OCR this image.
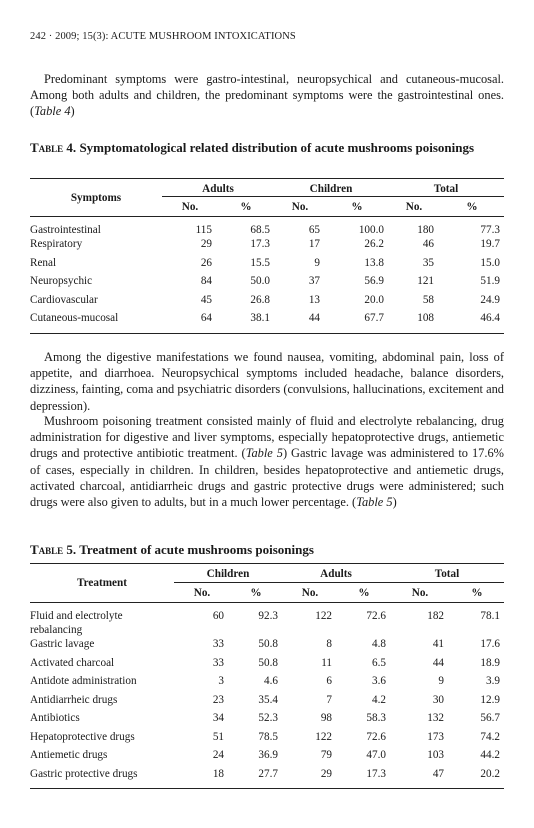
242 · 2009; 15(3): ACUTE MUSHROOM INTOXICATIONS

Predominant symptoms were gastro-intestinal, neuropsychical and cutaneous-mucosal. Among both adults and children, the predominant symptoms were the gastrointestinal ones. (Table 4)

Table 4. Symptomatological related distribution of acute mushrooms poisonings

Symptoms	Adults		Children		Total	
	No.	%	No.	%	No.	%
Gastrointestinal	115	68.5	65	100.0	180	77.3
Respiratory	29	17.3	17	26.2	46	19.7
Renal	26	15.5	9	13.8	35	15.0
Neuropsychic	84	50.0	37	56.9	121	51.9
Cardiovascular	45	26.8	13	20.0	58	24.9
Cutaneous-mucosal	64	38.1	44	67.7	108	46.4

Among the digestive manifestations we found nausea, vomiting, abdominal pain, loss of appetite, and diarrhoea. Neuropsychical symptoms included headache, balance disorders, dizziness, fainting, coma and psychiatric disorders (convulsions, hallucinations, excitement and depression).

Mushroom poisoning treatment consisted mainly of fluid and electrolyte rebalancing, drug administration for digestive and liver symptoms, especially hepatoprotective drugs, antiemetic drugs and protective antibiotic treatment. (Table 5) Gastric lavage was administered to 17.6% of cases, especially in children. In children, besides hepatoprotective and antiemetic drugs, activated charcoal, antidiarrheic drugs and gastric protective drugs were administered; such drugs were also given to adults, but in a much lower percentage. (Table 5)

Table 5. Treatment of acute mushrooms poisonings

Treatment	Children		Adults		Total	
	No.	%	No.	%	No.	%
Fluid and electrolyte rebalancing	60	92.3	122	72.6	182	78.1
Gastric lavage	33	50.8	8	4.8	41	17.6
Activated charcoal	33	50.8	11	6.5	44	18.9
Antidote administration	3	4.6	6	3.6	9	3.9
Antidiarrheic drugs	23	35.4	7	4.2	30	12.9
Antibiotics	34	52.3	98	58.3	132	56.7
Hepatoprotective drugs	51	78.5	122	72.6	173	74.2
Antiemetic drugs	24	36.9	79	47.0	103	44.2
Gastric protective drugs	18	27.7	29	17.3	47	20.2
